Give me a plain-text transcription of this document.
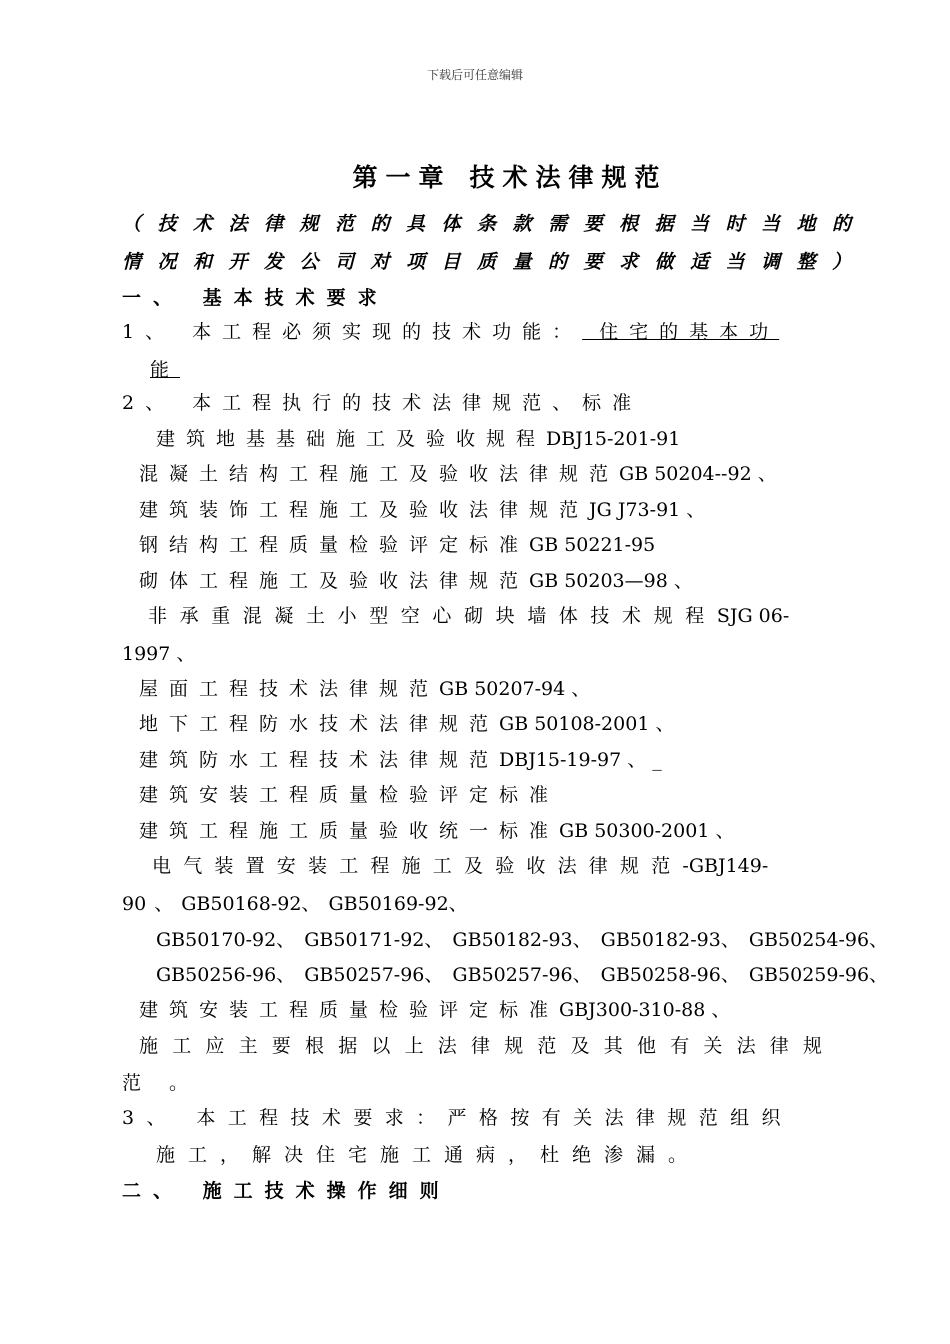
下载后可任意编辑
第一章 技术法律规范
（技术法律规范的具体条款需要根据当时当地的
情况和开发公司对项目质量的要求做适当调整）
一、 基本技术要求
1、 本工程必须实现的技术功能： 住宅的基本功
能
2、 本工程执行的技术法律规范、标准
建筑地基基础施工及验收规程DBJ15-201-91
混凝土结构工程施工及验收法律规范GB 50204--92 、
建筑装饰工程施工及验收法律规范JG J73-91 、
钢结构工程质量检验评定标准GB 50221-95
砌体工程施工及验收法律规范GB 50203—98 、
非承重混凝土小型空心砌块墙体技术规程SJG 06-
1997 、
屋面工程技术法律规范GB 50207-94 、
地下工程防水技术法律规范GB 50108-2001 、
建筑防水工程技术法律规范DBJ15-19-97 、 _
建筑安装工程质量检验评定标准
建筑工程施工质量验收统一标准GB 50300-2001 、
电气装置安装工程施工及验收法律规范-GBJ149-
90 、 GB50168-92、 GB50169-92、
GB50170-92、 GB50171-92、 GB50182-93、 GB50182-93、 GB50254-96、
GB50256-96、 GB50257-96、 GB50257-96、 GB50258-96、 GB50259-96、
建筑安装工程质量检验评定标准GBJ300-310-88 、
施工应主要根据以上法律规范及其他有关法律规
范 。
3、 本工程技术要求：严格按有关法律规范组织
施工，解决住宅施工通病，杜绝渗漏。
二、 施工技术操作细则
